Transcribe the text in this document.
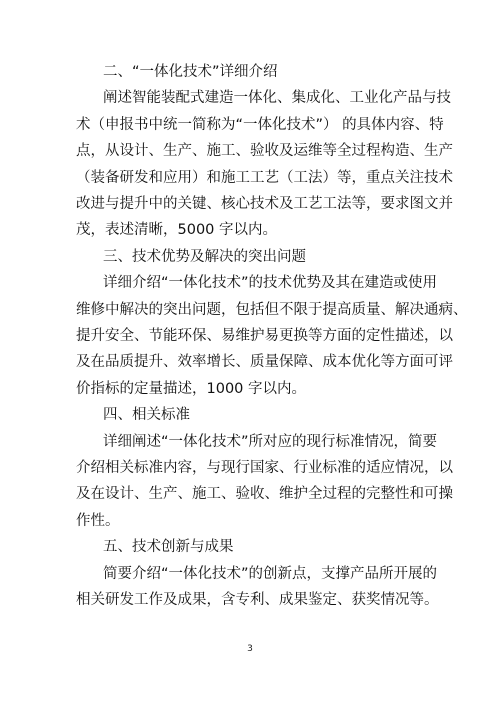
二、“一体化技术”详细介绍
阐述智能装配式建造一体化、集成化、工业化产品与技
术（申报书中统一简称为“一体化技术”） 的具体内容、特
点，从设计、生产、施工、验收及运维等全过程构造、生产
（装备研发和应用）和施工工艺（工法）等，重点关注技术
改进与提升中的关键、核心技术及工艺工法等，要求图文并
茂，表述清晰，5000 字以内。
三、技术优势及解决的突出问题
详细介绍“一体化技术”的技术优势及其在建造或使用
维修中解决的突出问题，包括但不限于提高质量、解决通病、
提升安全、节能环保、易维护易更换等方面的定性描述，以
及在品质提升、效率增长、质量保障、成本优化等方面可评
价指标的定量描述，1000 字以内。
四、相关标准
详细阐述“一体化技术”所对应的现行标准情况，简要
介绍相关标准内容，与现行国家、行业标准的适应情况，以
及在设计、生产、施工、验收、维护全过程的完整性和可操
作性。
五、技术创新与成果
简要介绍“一体化技术”的创新点，支撑产品所开展的
相关研发工作及成果，含专利、成果鉴定、获奖情况等。
3
